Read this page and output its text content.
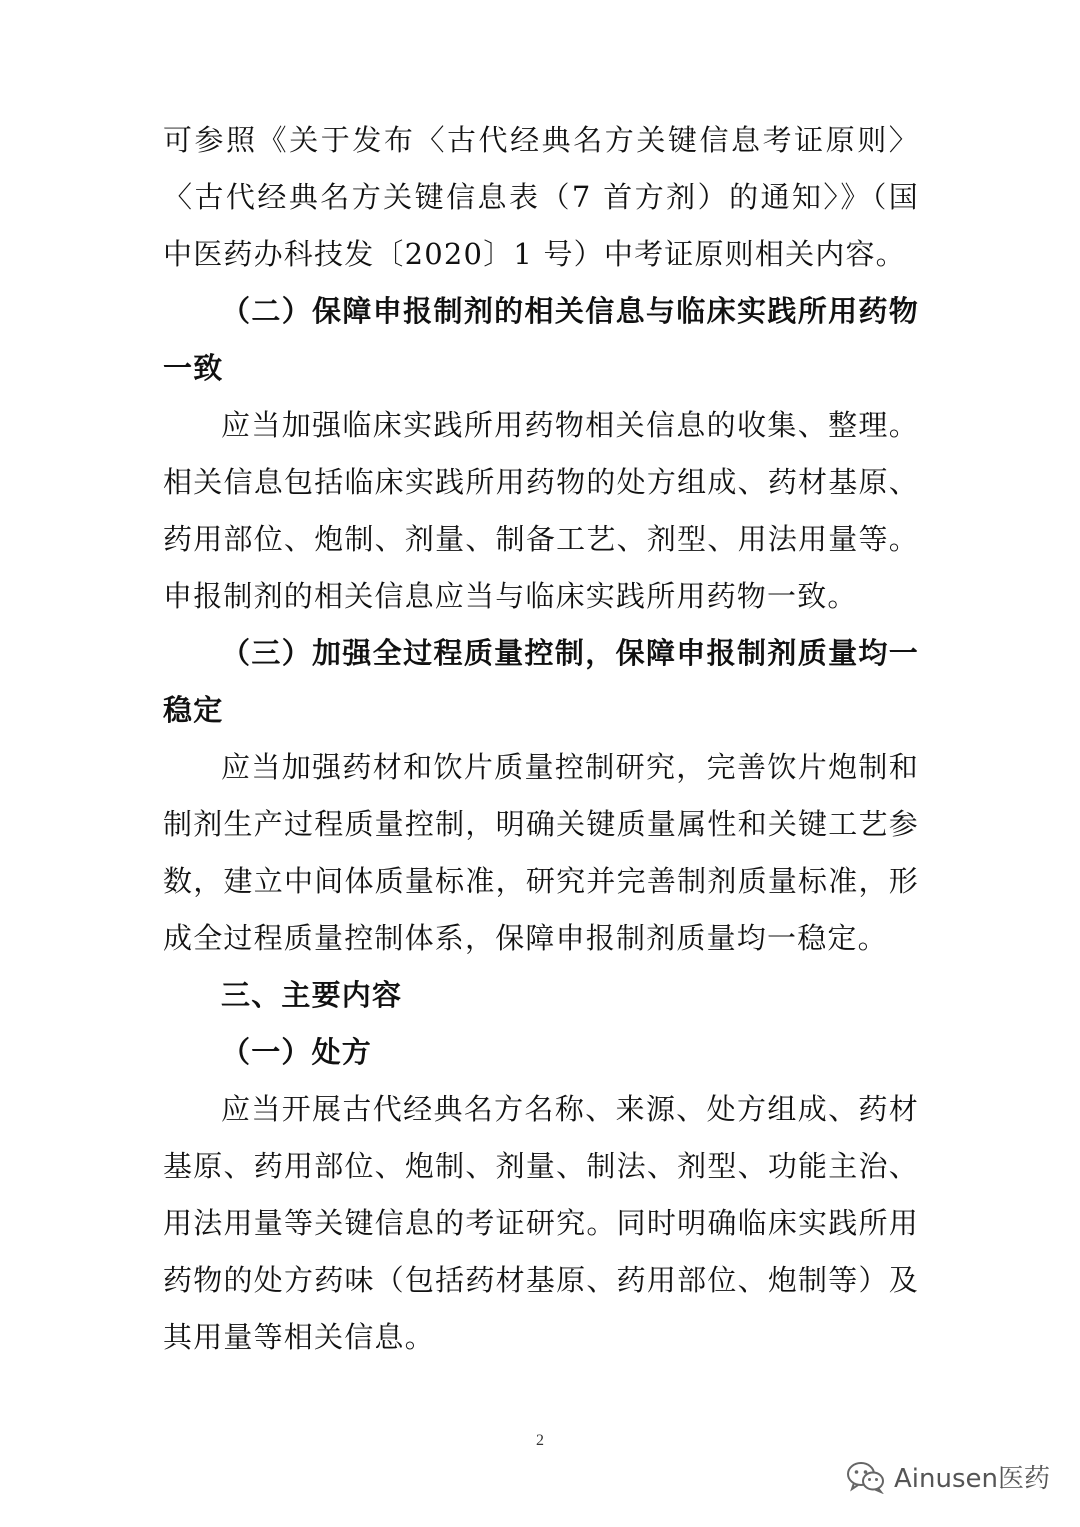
可参照《关于发布〈古代经典名方关键信息考证原则〉〈古代经典名方关键信息表（7 首方剂）的通知〉》（国中医药办科技发〔2020〕1 号）中考证原则相关内容。

（二）保障申报制剂的相关信息与临床实践所用药物一致

应当加强临床实践所用药物相关信息的收集、整理。相关信息包括临床实践所用药物的处方组成、药材基原、药用部位、炮制、剂量、制备工艺、剂型、用法用量等。申报制剂的相关信息应当与临床实践所用药物一致。

（三）加强全过程质量控制，保障申报制剂质量均一稳定

应当加强药材和饮片质量控制研究，完善饮片炮制和制剂生产过程质量控制，明确关键质量属性和关键工艺参数，建立中间体质量标准，研究并完善制剂质量标准，形成全过程质量控制体系，保障申报制剂质量均一稳定。

三、主要内容

（一）处方

应当开展古代经典名方名称、来源、处方组成、药材基原、药用部位、炮制、剂量、制法、剂型、功能主治、用法用量等关键信息的考证研究。同时明确临床实践所用药物的处方药味（包括药材基原、药用部位、炮制等）及其用量等相关信息。

2
Ainusen医药
